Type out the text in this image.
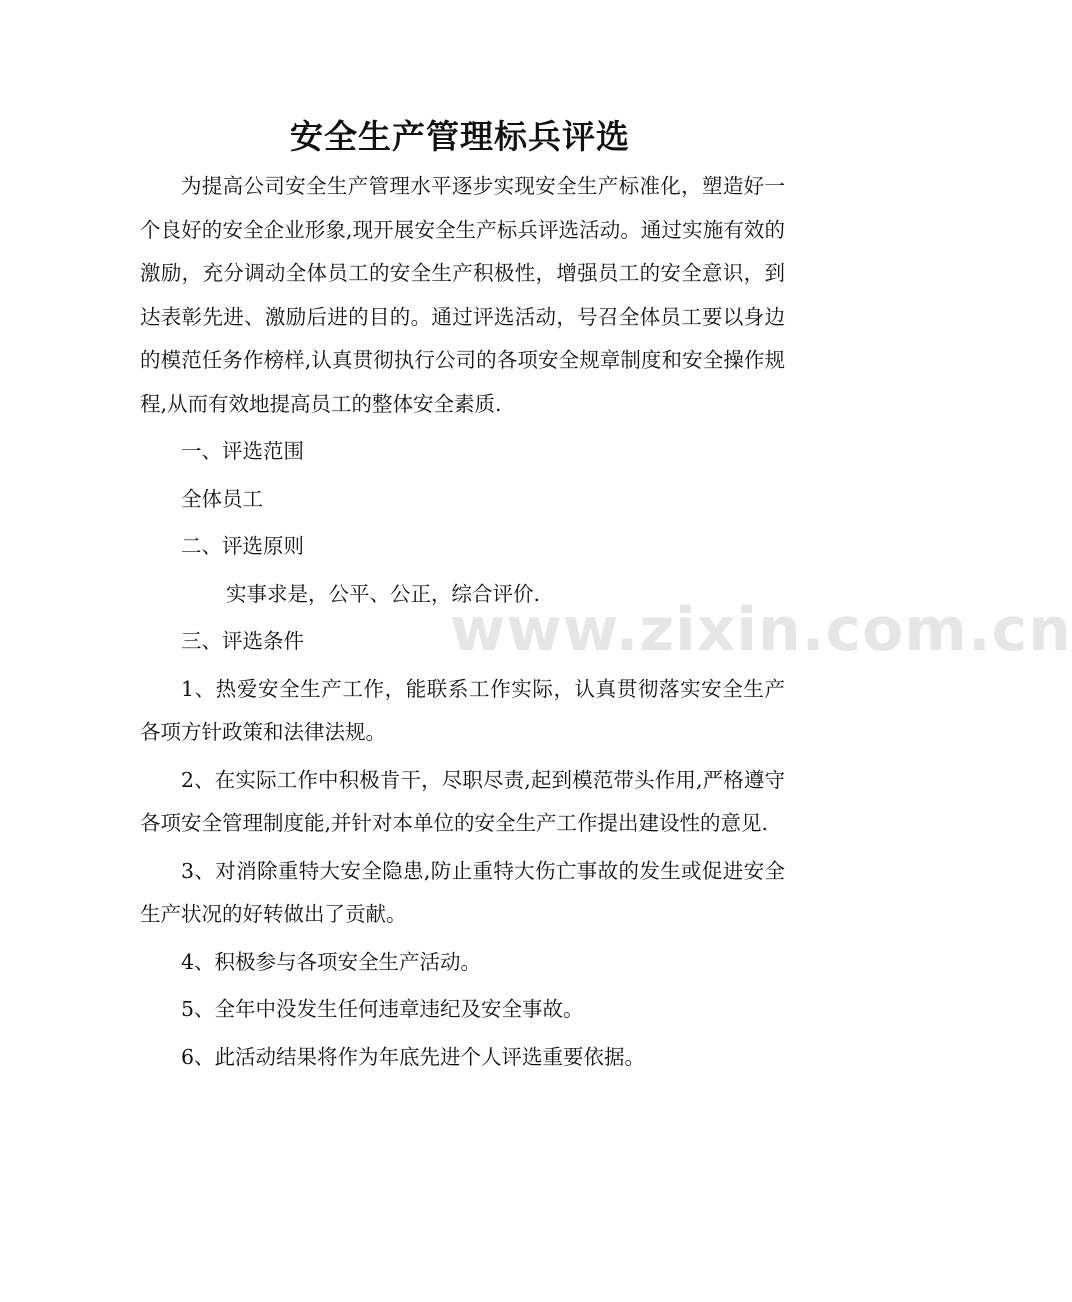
安全生产管理标兵评选

为提高公司安全生产管理水平逐步实现安全生产标准化，塑造好一个良好的安全企业形象,现开展安全生产标兵评选活动。通过实施有效的激励，充分调动全体员工的安全生产积极性，增强员工的安全意识，到达表彰先进、激励后进的目的。通过评选活动，号召全体员工要以身边的模范任务作榜样,认真贯彻执行公司的各项安全规章制度和安全操作规程,从而有效地提高员工的整体安全素质.

一、评选范围

全体员工

二、评选原则

实事求是，公平、公正，综合评价.

三、评选条件

1、热爱安全生产工作，能联系工作实际，认真贯彻落实安全生产各项方针政策和法律法规。

2、在实际工作中积极肯干，尽职尽责,起到模范带头作用,严格遵守各项安全管理制度能,并针对本单位的安全生产工作提出建设性的意见.

3、对消除重特大安全隐患,防止重特大伤亡事故的发生或促进安全生产状况的好转做出了贡献。

4、积极参与各项安全生产活动。

5、全年中没发生任何违章违纪及安全事故。

6、此活动结果将作为年底先进个人评选重要依据。

www.zixin.com.cn
